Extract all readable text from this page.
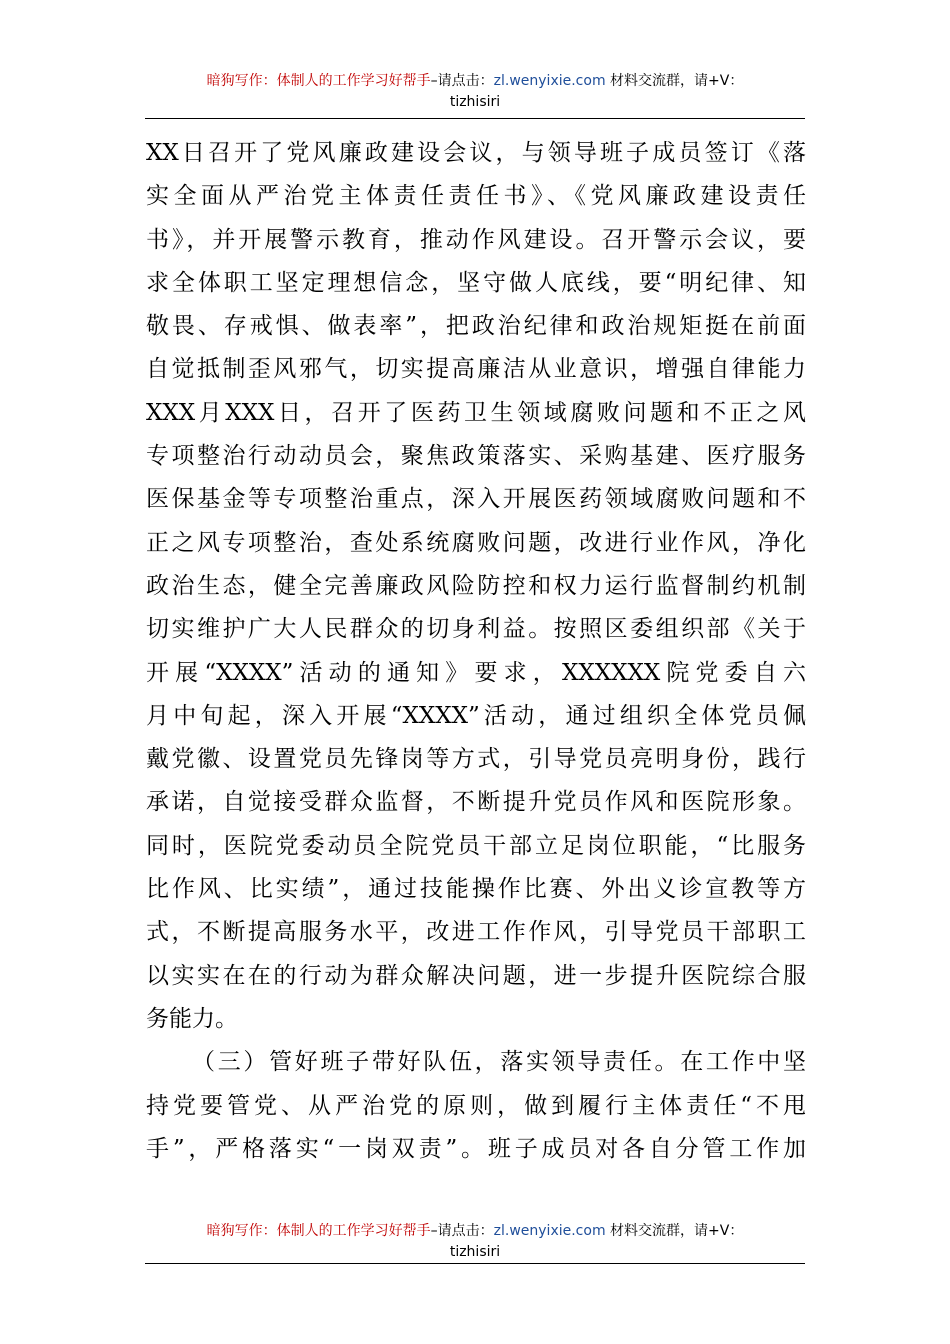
暗狗写作：体制人的工作学习好帮手–请点击：zl.wenyixie.com 材料交流群，请+V：
tizhisiri
XX日召开了党风廉政建设会议，与领导班子成员签订《落
实全面从严治党主体责任责任书》、《党风廉政建设责任
书》，并开展警示教育，推动作风建设。召开警示会议，要
求全体职工坚定理想信念，坚守做人底线，要“明纪律、知
敬畏、存戒惧、做表率”，把政治纪律和政治规矩挺在前面
自觉抵制歪风邪气，切实提高廉洁从业意识，增强自律能力
XXX月XXX日，召开了医药卫生领域腐败问题和不正之风
专项整治行动动员会，聚焦政策落实、采购基建、医疗服务
医保基金等专项整治重点，深入开展医药领域腐败问题和不
正之风专项整治，查处系统腐败问题，改进行业作风，净化
政治生态，健全完善廉政风险防控和权力运行监督制约机制
切实维护广大人民群众的切身利益。按照区委组织部《关于
开展“XXXX”活动的通知》要求，XXXXXX院党委自六
月中旬起，深入开展“XXXX”活动，通过组织全体党员佩
戴党徽、设置党员先锋岗等方式，引导党员亮明身份，践行
承诺，自觉接受群众监督，不断提升党员作风和医院形象。
同时，医院党委动员全院党员干部立足岗位职能，“比服务
比作风、比实绩”，通过技能操作比赛、外出义诊宣教等方
式，不断提高服务水平，改进工作作风，引导党员干部职工
以实实在在的行动为群众解决问题，进一步提升医院综合服
务能力。
（三）管好班子带好队伍，落实领导责任。在工作中坚
持党要管党、从严治党的原则，做到履行主体责任“不甩
手”，严格落实“一岗双责”。班子成员对各自分管工作加
暗狗写作：体制人的工作学习好帮手–请点击：zl.wenyixie.com 材料交流群，请+V：
tizhisiri
